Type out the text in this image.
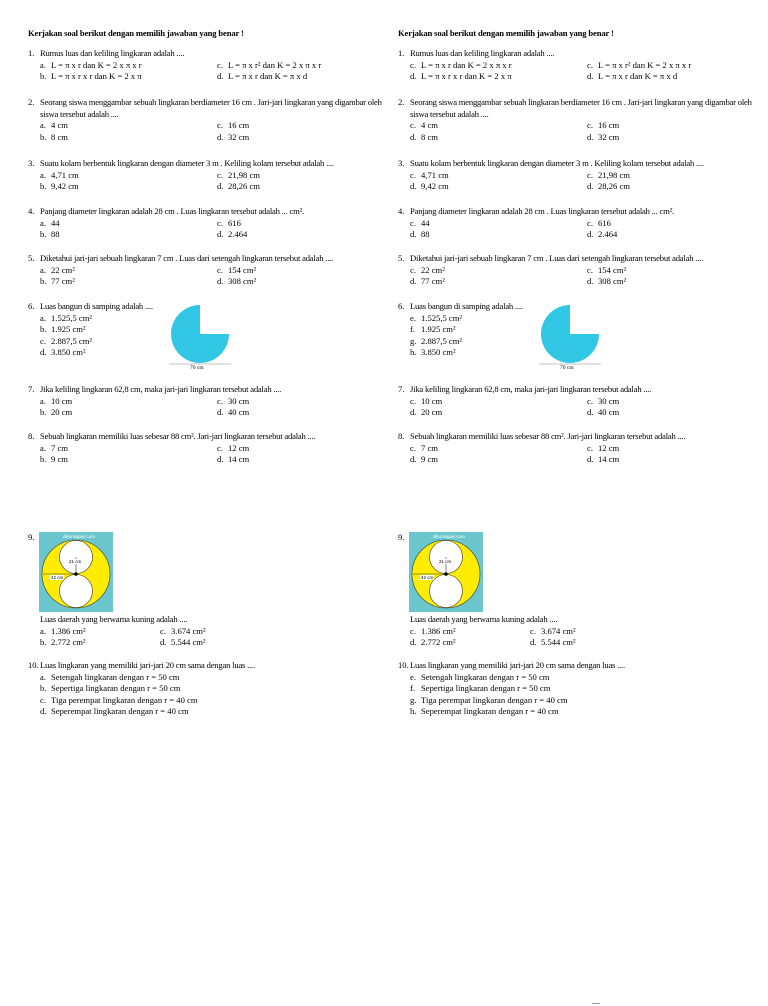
Kerjakan soal berikut dengan memilih jawaban yang benar !
1. Rumus luas dan keliling lingkaran adalah ....
a. L = π x r dan K = 2 x π x r	c. L = π x r² dan K = 2 x π x r
b. L = π x r x r dan K = 2 x π	d. L = π x r dan K = π x d
2. Seorang siswa menggambar sebuah lingkaran berdiameter 16 cm . Jari-jari lingkaran yang digambar oleh siswa tersebut adalah ....
a. 4 cm	c. 16 cm
b. 8 cm	d. 32 cm
3. Suatu kolam berbentuk lingkaran dengan diameter 3 m . Keliling kolam tersebut adalah ....
a. 4,71 cm	c. 21,98 cm
b. 9,42 cm	d. 28,26 cm
4. Panjang diameter lingkaran adalah 28 cm . Luas lingkaran tersebut adalah ... cm².
a. 44	c. 616
b. 88	d. 2.464
5. Diketahui jari-jari sebuah lingkaran 7 cm . Luas dari setengah lingkaran tersebut adalah ....
a. 22 cm²	c. 154 cm²
b. 77 cm²	d. 308 cm²
6. Luas bangun di samping adalah ....
a. 1.525,5 cm²
b. 1.925 cm²
c. 2.887,5 cm²
d. 3.850 cm²
70 cm
7. Jika keliling lingkaran 62,8 cm, maka jari-jari lingkaran tersebut adalah ....
a. 10 cm	c. 30 cm
b. 20 cm	d. 40 cm
8. Sebuah lingkaran memiliki luas sebesar 88 cm². Jari-jari lingkaran tersebut adalah ....
a. 7 cm	c. 12 cm
b. 9 cm	d. 14 cm
9.	dikonsigasi.com
21 cm
42 cm
Luas daerah yang berwarna kuning adalah ....
a. 1.386 cm²	c. 3.674 cm²
b. 2.772 cm²	d. 5.544 cm²
10. Luas lingkaran yang memiliki jari-jari 20 cm sama dengan luas ....
a. Setengah lingkaran dengan r = 50 cm
b. Sepertiga lingkaran dengan r = 50 cm
c. Tiga perempat lingkaran dengan r = 40 cm
d. Seperempat lingkaran dengan r = 40 cm
Kerjakan soal berikut dengan memilih jawaban yang benar !
1. Rumus luas dan keliling lingkaran adalah ....
c. L = π x r dan K = 2 x π x r	c. L = π x r² dan K = 2 x π x r
d. L = π x r x r dan K = 2 x π	d. L = π x r dan K = π x d
2. Seorang siswa menggambar sebuah lingkaran berdiameter 16 cm . Jari-jari lingkaran yang digambar oleh siswa tersebut adalah ....
c. 4 cm	c. 16 cm
d. 8 cm	d. 32 cm
3. Suatu kolam berbentuk lingkaran dengan diameter 3 m . Keliling kolam tersebut adalah ....
c. 4,71 cm	c. 21,98 cm
d. 9,42 cm	d. 28,26 cm
4. Panjang diameter lingkaran adalah 28 cm . Luas lingkaran tersebut adalah ... cm².
c. 44	c. 616
d. 88	d. 2.464
5. Diketahui jari-jari sebuah lingkaran 7 cm . Luas dari setengah lingkaran tersebut adalah ....
c. 22 cm²	c. 154 cm²
d. 77 cm²	d. 308 cm²
6. Luas bangun di samping adalah ....
e. 1.525,5 cm²
f. 1.925 cm²
g. 2.887,5 cm²
h. 3.850 cm²
70 cm
7. Jika keliling lingkaran 62,8 cm, maka jari-jari lingkaran tersebut adalah ....
c. 10 cm	c. 30 cm
d. 20 cm	d. 40 cm
8. Sebuah lingkaran memiliki luas sebesar 88 cm². Jari-jari lingkaran tersebut adalah ....
c. 7 cm	c. 12 cm
d. 9 cm	d. 14 cm
9.	dikonsigasi.com
21 cm
42 cm
Luas daerah yang berwarna kuning adalah ....
c. 1.386 cm²	c. 3.674 cm²
d. 2.772 cm²	d. 5.544 cm²
10. Luas lingkaran yang memiliki jari-jari 20 cm sama dengan luas ....
e. Setengah lingkaran dengan r = 50 cm
f. Sepertiga lingkaran dengan r = 50 cm
g. Tiga perempat lingkaran dengan r = 40 cm
h. Seperempat lingkaran dengan r = 40 cm
